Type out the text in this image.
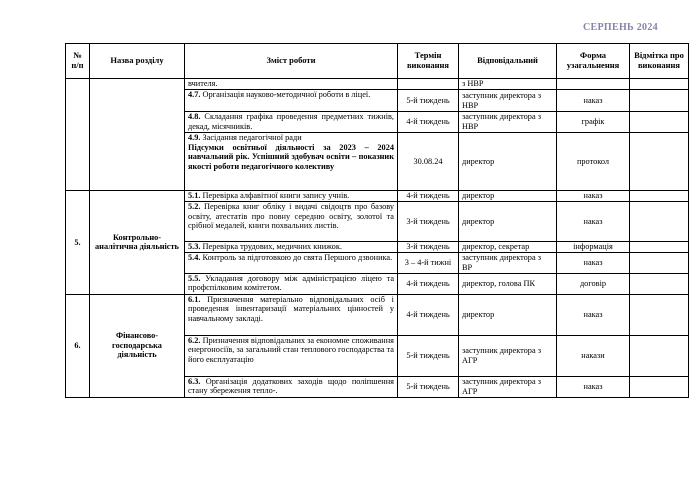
СЕРПЕНЬ 2024
№ п/п	Назва розділу	Зміст роботи	Термін виконання	Відповідальний	Форма узагальнення	Відмітка про виконання
		вчителя.		з НВР		
		4.7. Організація науково-методичної роботи в ліцеї.	5-й тиждень	заступник директора з НВР	наказ	
		4.8. Складання графіка проведення предметних тижнів, декад, місячників.	4-й тиждень	заступник директора з НВР	графік	
		4.9. Засідання педагогічної ради
Підсумки освітньої діяльності за 2023 – 2024 навчальний рік. Успішний здобувач освіти – показник якості роботи педагогічного колективу	30.08.24	директор	протокол	
5.	Контрольно-аналітична діяльність	5.1. Перевірка алфавітної книги запису учнів.	4-й тиждень	директор	наказ	
		5.2. Перевірка книг обліку і видачі свідоцтв про базову освіту, атестатів про повну середню освіту, золотої та срібної медалей, книги похвальних листів.	3-й тиждень	директор	наказ	
		5.3. Перевірка трудових, медичних книжок.	3-й тиждень	директор, секретар	інформація	
		5.4. Контроль за підготовкою до свята Першого дзвоника.	3 – 4-й тижні	заступник директора з ВР	наказ	
		5.5. Укладання договору між адміністрацією ліцею та профспілковим комітетом.	4-й тиждень	директор, голова ПК	договір	
6.	Фінансово-господарська діяльність	6.1. Призначення матеріально відповідальних осіб і проведення інвентаризації матеріальних цінностей у навчальному закладі.	4-й тиждень	директор	наказ	
		6.2. Призначення відповідальних за економне споживання енергоносіїв, за загальний стан теплового господарства та його експлуатацію	5-й тиждень	заступник директора з АГР	накази	
		6.3. Організація додаткових заходів щодо поліпшення стану збереження тепло-.	5-й тиждень	заступник директора з АГР	наказ	
